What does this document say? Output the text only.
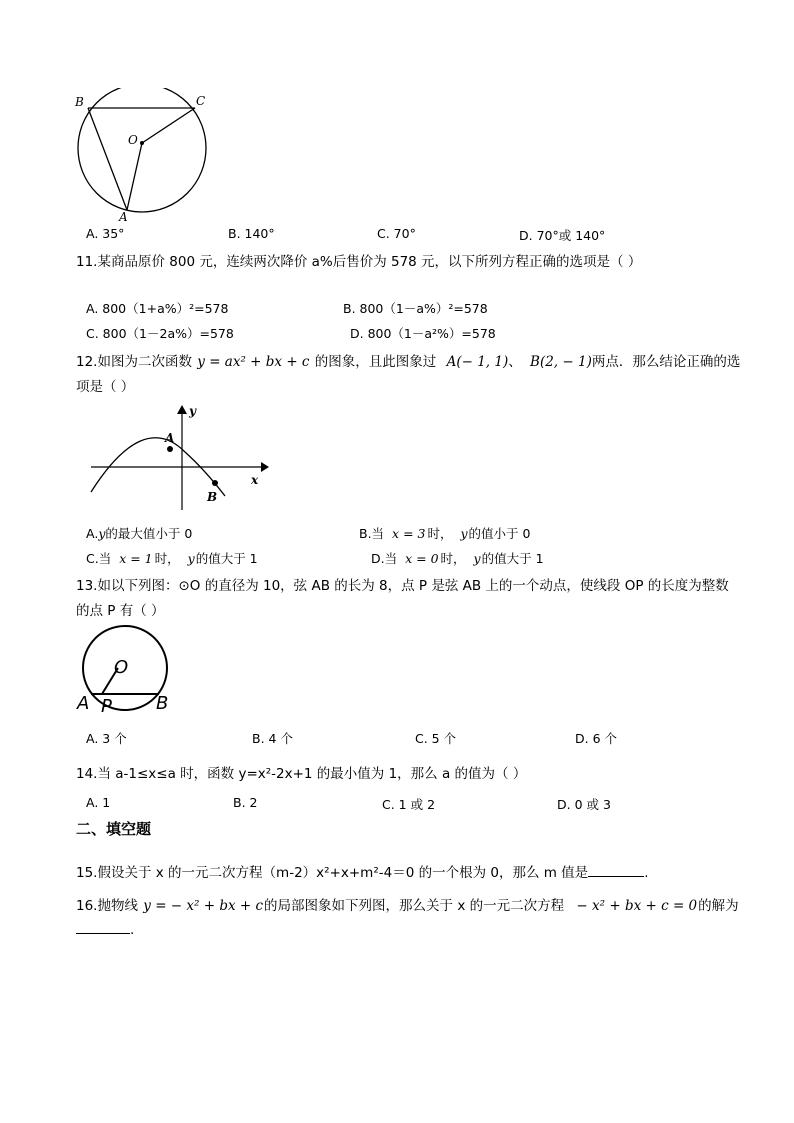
B	C
O
A
A. 35°	B. 140°	C. 70°	D. 70°或 140°
11.某商品原价 800 元，连续两次降价 a%后售价为 578 元，以下所列方程正确的选项是（ ）
A. 800（1+a%）²=578	B. 800（1－a%）²=578
C. 800（1－2a%）=578	D. 800（1－a²%）=578
12.如图为二次函数 y = ax² + bx + c 的图象，且此图象过 A(− 1, 1)、 B(2, − 1)两点．那么结论正确的选
项是（ ）
y
A
x
B
A.y的最大值小于 0	B.当 x = 3 时， y的值小于 0
C.当 x = 1 时， y的值大于 1	D.当 x = 0 时， y的值大于 1
13.如以下列图：⊙O 的直径为 10，弦 AB 的长为 8，点 P 是弦 AB 上的一个动点，使线段 OP 的长度为整数
的点 P 有（ ）
O
A P B
A. 3 个	B. 4 个	C. 5 个	D. 6 个
14.当 a-1≤x≤a 时，函数 y=x²-2x+1 的最小值为 1，那么 a 的值为（ ）
A. 1	B. 2	C. 1 或 2	D. 0 或 3
二、填空题
15.假设关于 x 的一元二次方程（m-2）x²+x+m²-4＝0 的一个根为 0，那么 m 值是	.
16.抛物线 y = − x² + bx + c的局部图象如下列图，那么关于 x 的一元二次方程 − x² + bx + c = 0的解为
.
